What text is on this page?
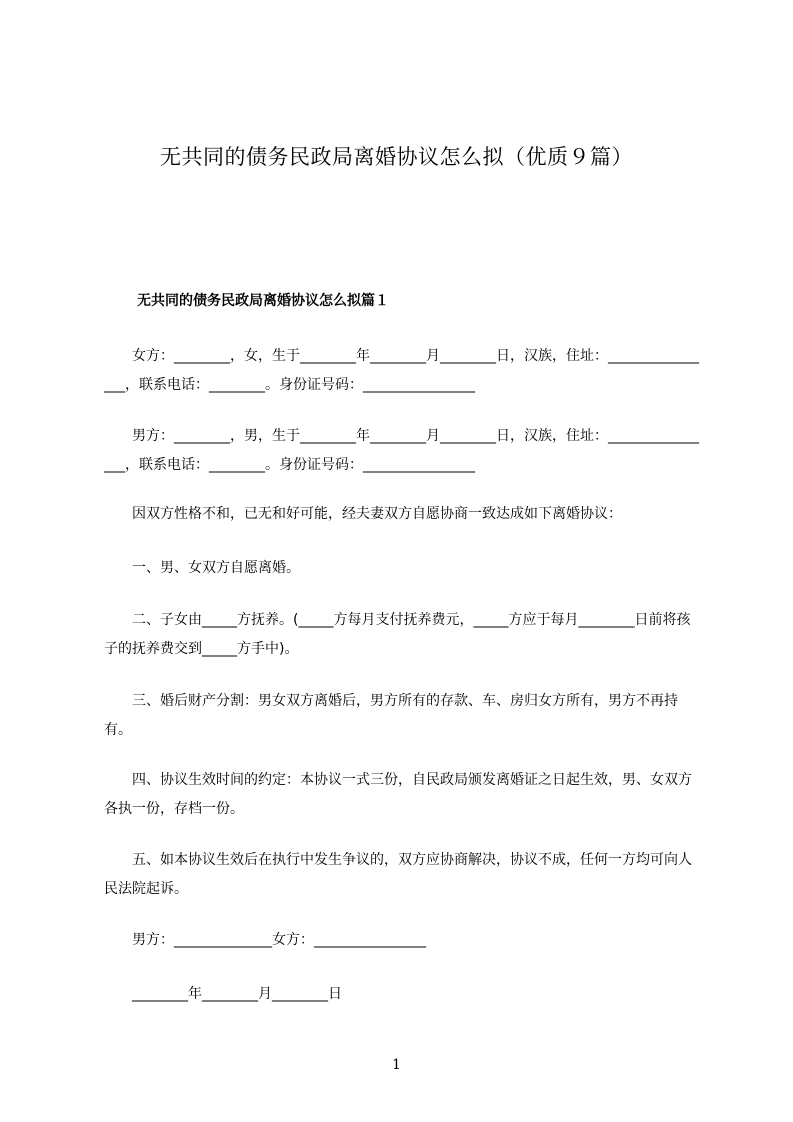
无共同的债务民政局离婚协议怎么拟（优质９篇）
无共同的债务民政局离婚协议怎么拟篇１
　　女方：________，女，生于________年________月________日，汉族，住址：________________，联系电话：________。身份证号码：________________
　　男方：________，男，生于________年________月________日，汉族，住址：________________，联系电话：________。身份证号码：________________
　　因双方性格不和，已无和好可能，经夫妻双方自愿协商一致达成如下离婚协议：
　　一、男、女双方自愿离婚。
　　二、子女由_____方抚养。(_____方每月支付抚养费元，_____方应于每月________日前将孩子的抚养费交到_____方手中)。
　　三、婚后财产分割：男女双方离婚后，男方所有的存款、车、房归女方所有，男方不再持有。
　　四、协议生效时间的约定：本协议一式三份，自民政局颁发离婚证之日起生效，男、女双方各执一份，存档一份。
　　五、如本协议生效后在执行中发生争议的，双方应协商解决，协议不成，任何一方均可向人民法院起诉。
　　男方：______________女方：________________
　　________年________月________日
1
